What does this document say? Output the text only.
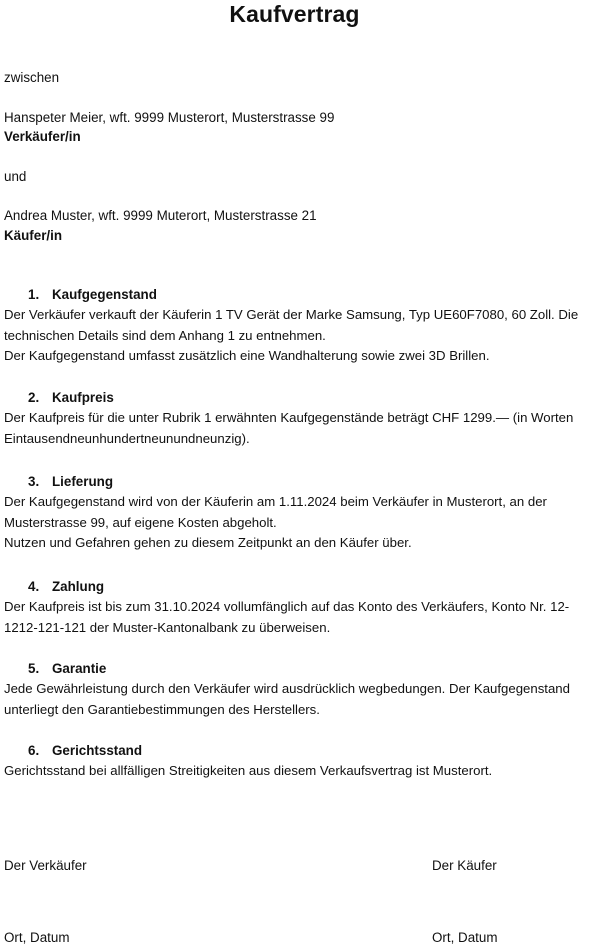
Kaufvertrag
zwischen
Hanspeter Meier, wft. 9999 Musterort, Musterstrasse 99
Verkäufer/in
und
Andrea Muster, wft. 9999 Muterort, Musterstrasse 21
Käufer/in
1. Kaufgegenstand

Der Verkäufer verkauft der Käuferin 1 TV Gerät der Marke Samsung, Typ UE60F7080, 60 Zoll. Die

technischen Details sind dem Anhang 1 zu entnehmen.

Der Kaufgegenstand umfasst zusätzlich eine Wandhalterung sowie zwei 3D Brillen.

2. Kaufpreis

Der Kaufpreis für die unter Rubrik 1 erwähnten Kaufgegenstände beträgt CHF 1299.— (in Worten

Eintausendneunhundertneunundneunzig).

3. Lieferung

Der Kaufgegenstand wird von der Käuferin am 1.11.2024 beim Verkäufer in Musterort, an der

Musterstrasse 99, auf eigene Kosten abgeholt.

Nutzen und Gefahren gehen zu diesem Zeitpunkt an den Käufer über.

4. Zahlung

Der Kaufpreis ist bis zum 31.10.2024 vollumfänglich auf das Konto des Verkäufers, Konto Nr. 12-

1212-121-121 der Muster-Kantonalbank zu überweisen.

5. Garantie

Jede Gewährleistung durch den Verkäufer wird ausdrücklich wegbedungen. Der Kaufgegenstand

unterliegt den Garantiebestimmungen des Herstellers.

6. Gerichtsstand

Gerichtsstand bei allfälligen Streitigkeiten aus diesem Verkaufsvertrag ist Musterort.

Der Verkäufer	Der Käufer
Ort, Datum	Ort, Datum
